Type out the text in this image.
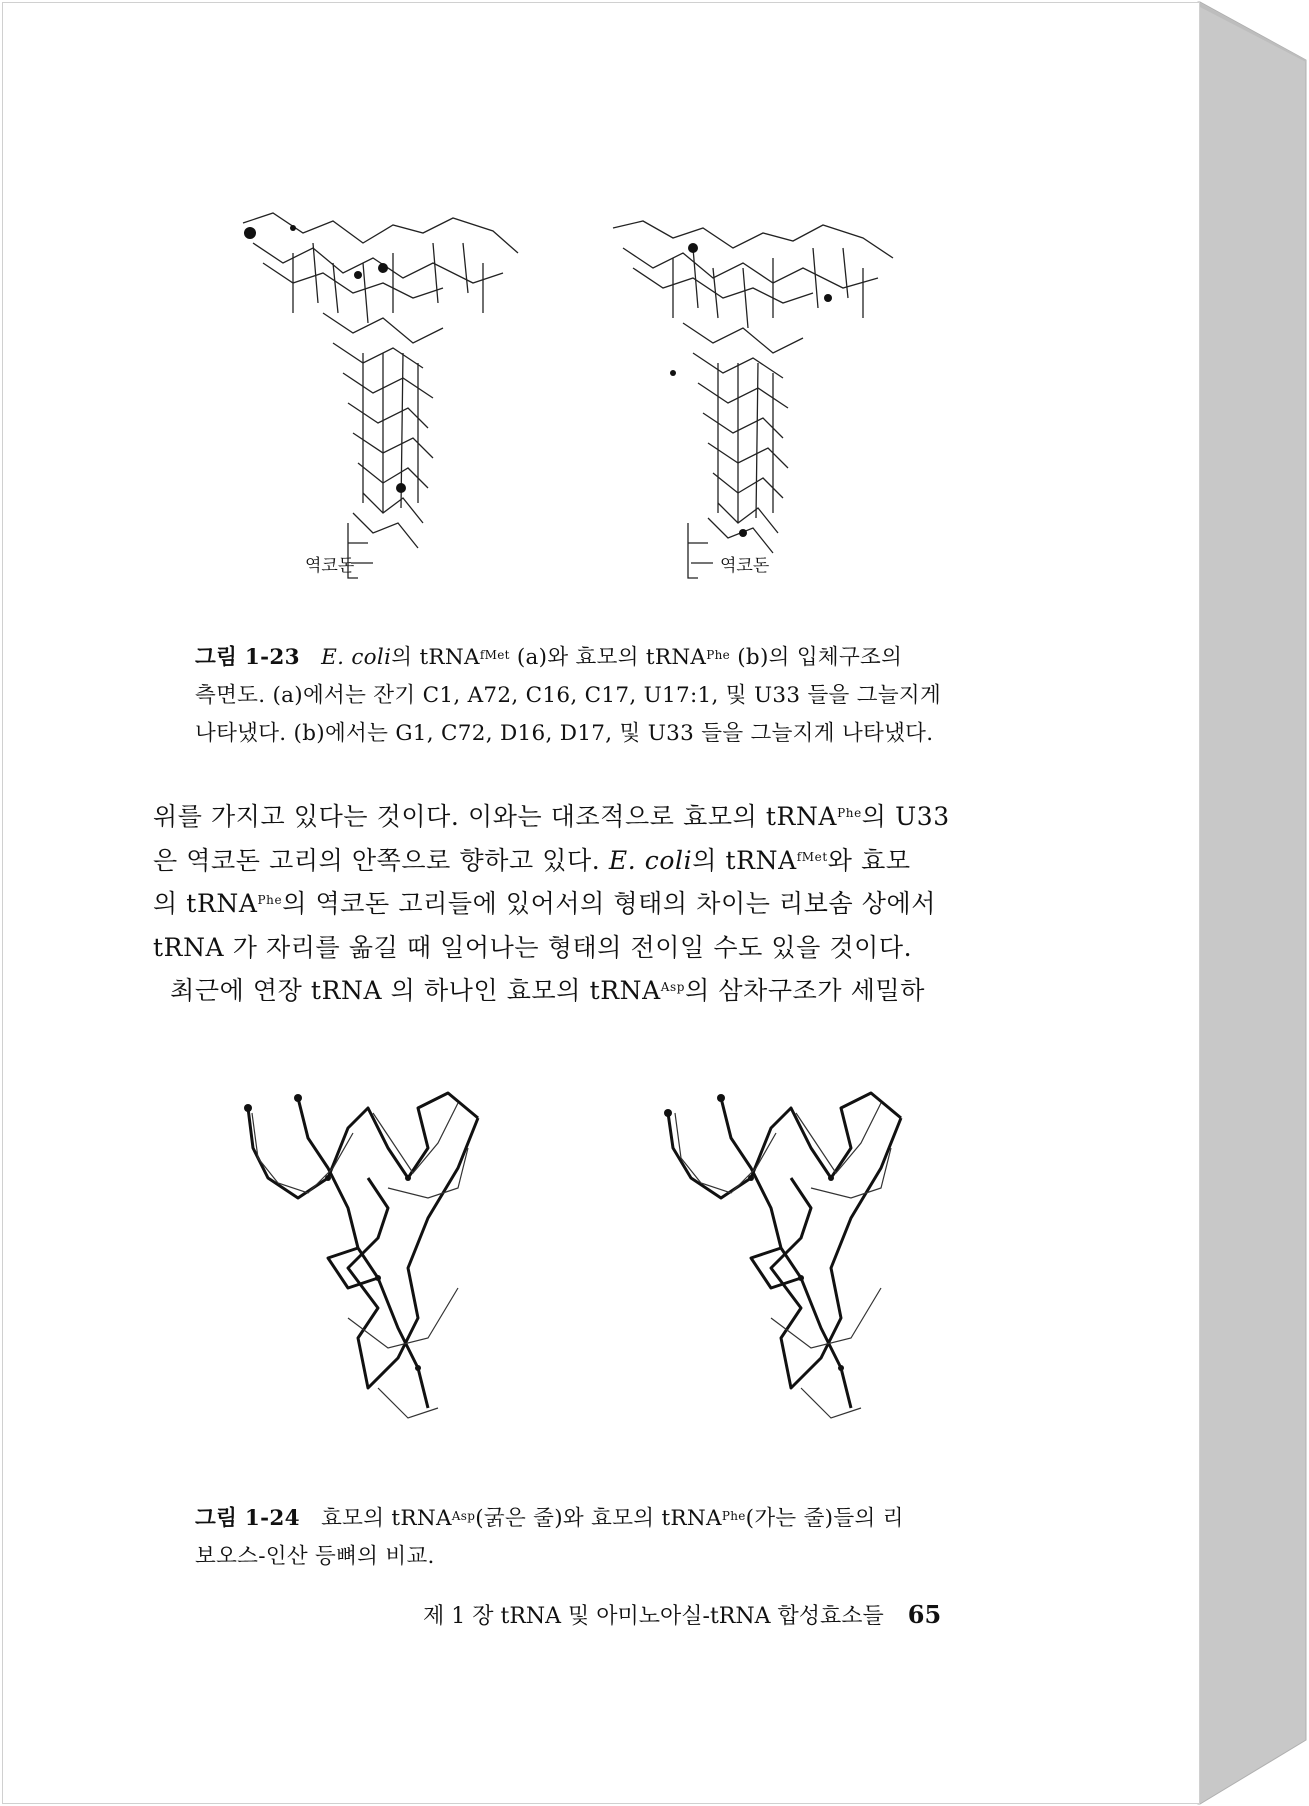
역코돈	역코돈
그림 1-23 E. coli의 tRNA$^{fMet}$ (a)와 효모의 tRNA$^{Phe}$ (b)의 입체구조의
측면도. (a)에서는 잔기 C1, A72, C16, C17, U17:1, 및 U33 들을 그늘지게
나타냈다. (b)에서는 G1, C72, D16, D17, 및 U33 들을 그늘지게 나타냈다.
위를 가지고 있다는 것이다. 이와는 대조적으로 효모의 tRNA$^{Phe}$의 U33
은 역코돈 고리의 안쪽으로 향하고 있다. E. coli의 tRNA$^{fMet}$와 효모
의 tRNA$^{Phe}$의 역코돈 고리들에 있어서의 형태의 차이는 리보솜 상에서
tRNA 가 자리를 옮길 때 일어나는 형태의 전이일 수도 있을 것이다.
최근에 연장 tRNA 의 하나인 효모의 tRNA$^{Asp}$의 삼차구조가 세밀하
그림 1-24 효모의 tRNA$^{Asp}$(굵은 줄)와 효모의 tRNA$^{Phe}$(가는 줄)들의 리
보오스-인산 등뼈의 비교.
제 1 장 tRNA 및 아미노아실-tRNA 합성효소들 65
